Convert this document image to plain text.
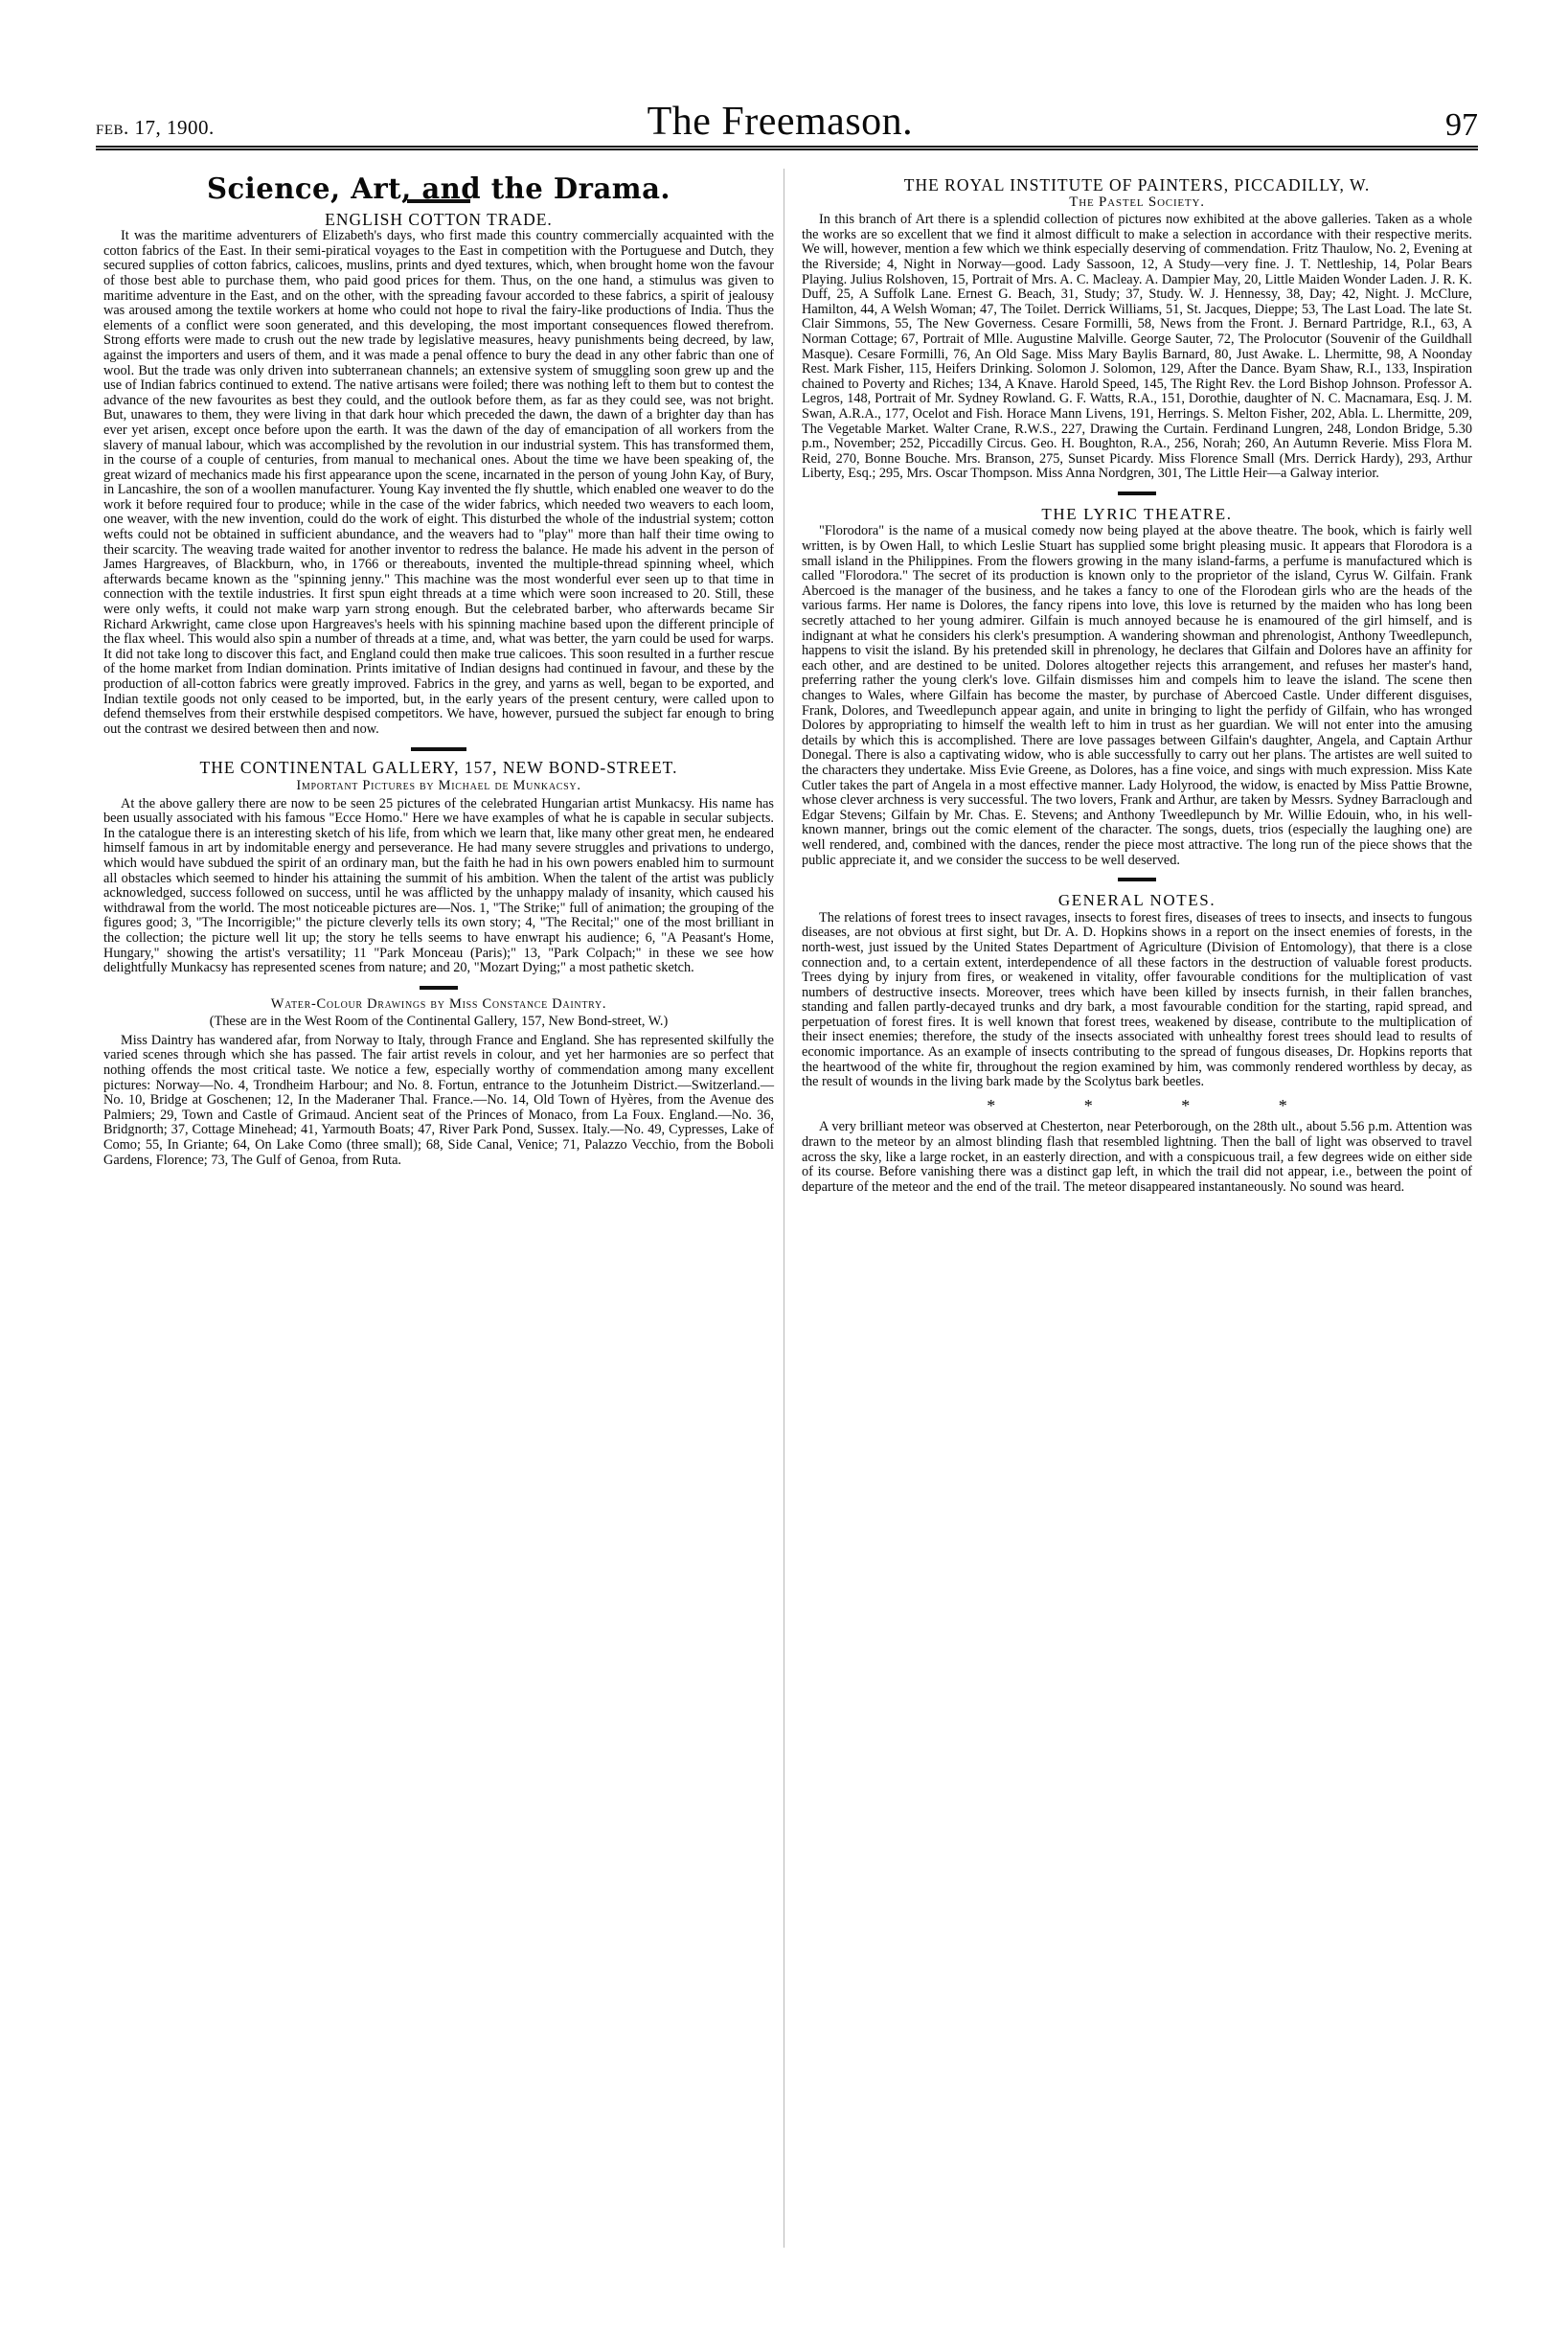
feb. 17, 1900.	The Freemason.	97
Science, Art, and the Drama.
ENGLISH COTTON TRADE.

It was the maritime adventurers of Elizabeth's days, who first made this country commercially acquainted with the cotton fabrics of the East. In their semi-piratical voyages to the East in competition with the Portuguese and Dutch, they secured supplies of cotton fabrics, calicoes, muslins, prints and dyed textures, which, when brought home won the favour of those best able to purchase them, who paid good prices for them. Thus, on the one hand, a stimulus was given to maritime adventure in the East, and on the other, with the spreading favour accorded to these fabrics, a spirit of jealousy was aroused among the textile workers at home who could not hope to rival the fairy-like productions of India. Thus the elements of a conflict were soon generated, and this developing, the most important consequences flowed therefrom. Strong efforts were made to crush out the new trade by legislative measures, heavy punishments being decreed, by law, against the importers and users of them, and it was made a penal offence to bury the dead in any other fabric than one of wool. But the trade was only driven into subterranean channels; an extensive system of smuggling soon grew up and the use of Indian fabrics continued to extend. The native artisans were foiled; there was nothing left to them but to contest the advance of the new favourites as best they could, and the outlook before them, as far as they could see, was not bright. But, unawares to them, they were living in that dark hour which preceded the dawn, the dawn of a brighter day than has ever yet arisen, except once before upon the earth. It was the dawn of the day of emancipation of all workers from the slavery of manual labour, which was accomplished by the revolution in our industrial system. This has transformed them, in the course of a couple of centuries, from manual to mechanical ones. About the time we have been speaking of, the great wizard of mechanics made his first appearance upon the scene, incarnated in the person of young John Kay, of Bury, in Lancashire, the son of a woollen manufacturer. Young Kay invented the fly shuttle, which enabled one weaver to do the work it before required four to produce; while in the case of the wider fabrics, which needed two weavers to each loom, one weaver, with the new invention, could do the work of eight. This disturbed the whole of the industrial system; cotton wefts could not be obtained in sufficient abundance, and the weavers had to "play" more than half their time owing to their scarcity. The weaving trade waited for another inventor to redress the balance. He made his advent in the person of James Hargreaves, of Blackburn, who, in 1766 or thereabouts, invented the multiple-thread spinning wheel, which afterwards became known as the "spinning jenny." This machine was the most wonderful ever seen up to that time in connection with the textile industries. It first spun eight threads at a time which were soon increased to 20. Still, these were only wefts, it could not make warp yarn strong enough. But the celebrated barber, who afterwards became Sir Richard Arkwright, came close upon Hargreaves's heels with his spinning machine based upon the different principle of the flax wheel. This would also spin a number of threads at a time, and, what was better, the yarn could be used for warps. It did not take long to discover this fact, and England could then make true calicoes. This soon resulted in a further rescue of the home market from Indian domination. Prints imitative of Indian designs had continued in favour, and these by the production of all-cotton fabrics were greatly improved. Fabrics in the grey, and yarns as well, began to be exported, and Indian textile goods not only ceased to be imported, but, in the early years of the present century, were called upon to defend themselves from their erstwhile despised competitors. We have, however, pursued the subject far enough to bring out the contrast we desired between then and now.

THE CONTINENTAL GALLERY, 157, NEW BOND-STREET.
Important Pictures by Michael de Munkacsy.

At the above gallery there are now to be seen 25 pictures of the celebrated Hungarian artist Munkacsy. His name has been usually associated with his famous "Ecce Homo." Here we have examples of what he is capable in secular subjects. In the catalogue there is an interesting sketch of his life, from which we learn that, like many other great men, he endeared himself famous in art by indomitable energy and perseverance. He had many severe struggles and privations to undergo, which would have subdued the spirit of an ordinary man, but the faith he had in his own powers enabled him to surmount all obstacles which seemed to hinder his attaining the summit of his ambition. When the talent of the artist was publicly acknowledged, success followed on success, until he was afflicted by the unhappy malady of insanity, which caused his withdrawal from the world. The most noticeable pictures are—Nos. 1, "The Strike;" full of animation; the grouping of the figures good; 3, "The Incorrigible;" the picture cleverly tells its own story; 4, "The Recital;" one of the most brilliant in the collection; the picture well lit up; the story he tells seems to have enwrapt his audience; 6, "A Peasant's Home, Hungary," showing the artist's versatility; 11 "Park Monceau (Paris);" 13, "Park Colpach;" in these we see how delightfully Munkacsy has represented scenes from nature; and 20, "Mozart Dying;" a most pathetic sketch.

Water-Colour Drawings by Miss Constance Daintry.
(These are in the West Room of the Continental Gallery, 157, New Bond-street, W.)

Miss Daintry has wandered afar, from Norway to Italy, through France and England. She has represented skilfully the varied scenes through which she has passed. The fair artist revels in colour, and yet her harmonies are so perfect that nothing offends the most critical taste. We notice a few, especially worthy of commendation among many excellent pictures: Norway—No. 4, Trondheim Harbour; and No. 8. Fortun, entrance to the Jotunheim District.—Switzerland.—No. 10, Bridge at Goschenen; 12, In the Maderaner Thal. France.—No. 14, Old Town of Hyères, from the Avenue des Palmiers; 29, Town and Castle of Grimaud. Ancient seat of the Princes of Monaco, from La Foux. England.—No. 36, Bridgnorth; 37, Cottage Minehead; 41, Yarmouth Boats; 47, River Park Pond, Sussex. Italy.—No. 49, Cypresses, Lake of Como; 55, In Griante; 64, On Lake Como (three small); 68, Side Canal, Venice; 71, Palazzo Vecchio, from the Boboli Gardens, Florence; 73, The Gulf of Genoa, from Ruta.

THE ROYAL INSTITUTE OF PAINTERS, PICCADILLY, W.
The Pastel Society.

In this branch of Art there is a splendid collection of pictures now exhibited at the above galleries. Taken as a whole the works are so excellent that we find it almost difficult to make a selection in accordance with their respective merits. We will, however, mention a few which we think especially deserving of commendation. Fritz Thaulow, No. 2, Evening at the Riverside; 4, Night in Norway—good. Lady Sassoon, 12, A Study—very fine. J. T. Nettleship, 14, Polar Bears Playing. Julius Rolshoven, 15, Portrait of Mrs. A. C. Macleay. A. Dampier May, 20, Little Maiden Wonder Laden. J. R. K. Duff, 25, A Suffolk Lane. Ernest G. Beach, 31, Study; 37, Study. W. J. Hennessy, 38, Day; 42, Night. J. McClure, Hamilton, 44, A Welsh Woman; 47, The Toilet. Derrick Williams, 51, St. Jacques, Dieppe; 53, The Last Load. The late St. Clair Simmons, 55, The New Governess. Cesare Formilli, 58, News from the Front. J. Bernard Partridge, R.I., 63, A Norman Cottage; 67, Portrait of Mlle. Augustine Malville. George Sauter, 72, The Prolocutor (Souvenir of the Guildhall Masque). Cesare Formilli, 76, An Old Sage. Miss Mary Baylis Barnard, 80, Just Awake. L. Lhermitte, 98, A Noonday Rest. Mark Fisher, 115, Heifers Drinking. Solomon J. Solomon, 129, After the Dance. Byam Shaw, R.I., 133, Inspiration chained to Poverty and Riches; 134, A Knave. Harold Speed, 145, The Right Rev. the Lord Bishop Johnson. Professor A. Legros, 148, Portrait of Mr. Sydney Rowland. G. F. Watts, R.A., 151, Dorothie, daughter of N. C. Macnamara, Esq. J. M. Swan, A.R.A., 177, Ocelot and Fish. Horace Mann Livens, 191, Herrings. S. Melton Fisher, 202, Abla. L. Lhermitte, 209, The Vegetable Market. Walter Crane, R.W.S., 227, Drawing the Curtain. Ferdinand Lungren, 248, London Bridge, 5.30 p.m., November; 252, Piccadilly Circus. Geo. H. Boughton, R.A., 256, Norah; 260, An Autumn Reverie. Miss Flora M. Reid, 270, Bonne Bouche. Mrs. Branson, 275, Sunset Picardy. Miss Florence Small (Mrs. Derrick Hardy), 293, Arthur Liberty, Esq.; 295, Mrs. Oscar Thompson. Miss Anna Nordgren, 301, The Little Heir—a Galway interior.

THE LYRIC THEATRE.

"Florodora" is the name of a musical comedy now being played at the above theatre. The book, which is fairly well written, is by Owen Hall, to which Leslie Stuart has supplied some bright pleasing music. It appears that Florodora is a small island in the Philippines. From the flowers growing in the many island-farms, a perfume is manufactured which is called "Florodora." The secret of its production is known only to the proprietor of the island, Cyrus W. Gilfain. Frank Abercoed is the manager of the business, and he takes a fancy to one of the Florodean girls who are the heads of the various farms. Her name is Dolores, the fancy ripens into love, this love is returned by the maiden who has long been secretly attached to her young admirer. Gilfain is much annoyed because he is enamoured of the girl himself, and is indignant at what he considers his clerk's presumption. A wandering showman and phrenologist, Anthony Tweedlepunch, happens to visit the island. By his pretended skill in phrenology, he declares that Gilfain and Dolores have an affinity for each other, and are destined to be united. Dolores altogether rejects this arrangement, and refuses her master's hand, preferring rather the young clerk's love. Gilfain dismisses him and compels him to leave the island. The scene then changes to Wales, where Gilfain has become the master, by purchase of Abercoed Castle. Under different disguises, Frank, Dolores, and Tweedlepunch appear again, and unite in bringing to light the perfidy of Gilfain, who has wronged Dolores by appropriating to himself the wealth left to him in trust as her guardian. We will not enter into the amusing details by which this is accomplished. There are love passages between Gilfain's daughter, Angela, and Captain Arthur Donegal. There is also a captivating widow, who is able successfully to carry out her plans. The artistes are well suited to the characters they undertake. Miss Evie Greene, as Dolores, has a fine voice, and sings with much expression. Miss Kate Cutler takes the part of Angela in a most effective manner. Lady Holyrood, the widow, is enacted by Miss Pattie Browne, whose clever archness is very successful. The two lovers, Frank and Arthur, are taken by Messrs. Sydney Barraclough and Edgar Stevens; Gilfain by Mr. Chas. E. Stevens; and Anthony Tweedlepunch by Mr. Willie Edouin, who, in his well-known manner, brings out the comic element of the character. The songs, duets, trios (especially the laughing one) are well rendered, and, combined with the dances, render the piece most attractive. The long run of the piece shows that the public appreciate it, and we consider the success to be well deserved.

GENERAL NOTES.

The relations of forest trees to insect ravages, insects to forest fires, diseases of trees to insects, and insects to fungous diseases, are not obvious at first sight, but Dr. A. D. Hopkins shows in a report on the insect enemies of forests, in the north-west, just issued by the United States Department of Agriculture (Division of Entomology), that there is a close connection and, to a certain extent, interdependence of all these factors in the destruction of valuable forest products. Trees dying by injury from fires, or weakened in vitality, offer favourable conditions for the multiplication of vast numbers of destructive insects. Moreover, trees which have been killed by insects furnish, in their fallen branches, standing and fallen partly-decayed trunks and dry bark, a most favourable condition for the starting, rapid spread, and perpetuation of forest fires. It is well known that forest trees, weakened by disease, contribute to the multiplication of their insect enemies; therefore, the study of the insects associated with unhealthy forest trees should lead to results of economic importance. As an example of insects contributing to the spread of fungous diseases, Dr. Hopkins reports that the heartwood of the white fir, throughout the region examined by him, was commonly rendered worthless by decay, as the result of wounds in the living bark made by the Scolytus bark beetles.

* * * *

A very brilliant meteor was observed at Chesterton, near Peterborough, on the 28th ult., about 5.56 p.m. Attention was drawn to the meteor by an almost blinding flash that resembled lightning. Then the ball of light was observed to travel across the sky, like a large rocket, in an easterly direction, and with a conspicuous trail, a few degrees wide on either side of its course. Before vanishing there was a distinct gap left, in which the trail did not appear, i.e., between the point of departure of the meteor and the end of the trail. The meteor disappeared instantaneously. No sound was heard.
